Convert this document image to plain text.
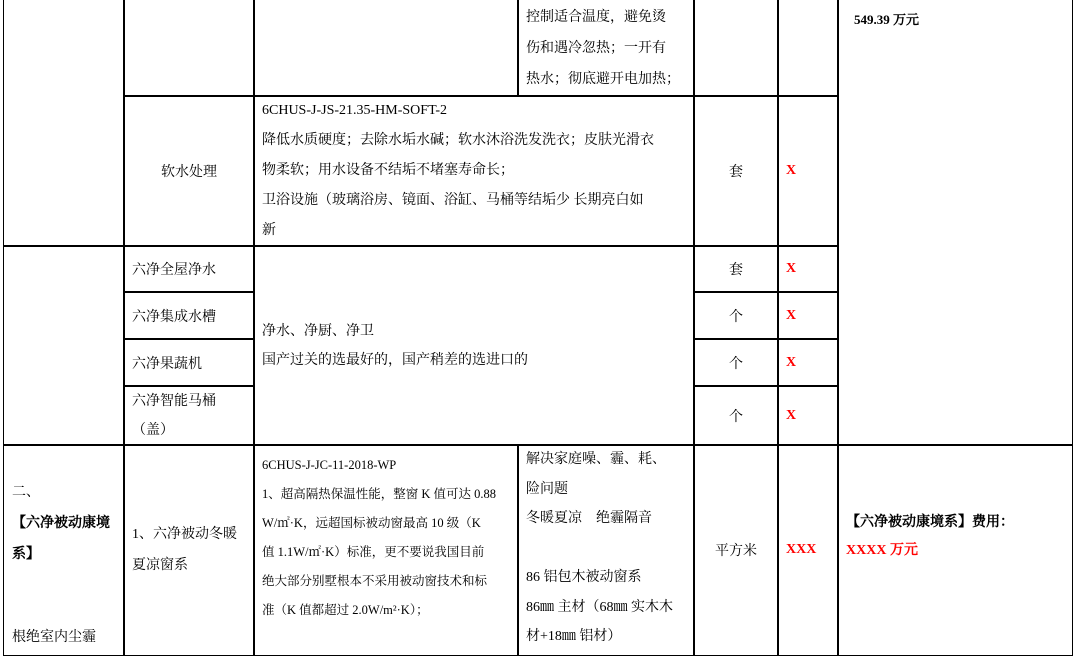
控制适合温度，避免烫

伤和遇冷忽热；一开有

热水；彻底避开电加热；

549.39 万元
软水处理

6CHUS-J-JS-21.35-HM-SOFT-2

降低水质硬度；去除水垢水碱；软水沐浴洗发洗衣；皮肤光滑衣

物柔软；用水设备不结垢不堵塞寿命长；

卫浴设施（玻璃浴房、镜面、浴缸、马桶等结垢少 长期亮白如

新

套	X
六净全屋净水
六净集成水槽
六净果蔬机
六净智能马桶（盖）

净水、净厨、净卫

国产过关的选最好的，国产稍差的选进口的

套
个
个
个
X
X
X
X

二、

【六净被动康境系】

根绝室内尘霾

1、六净被动冬暖夏凉窗系

6CHUS-J-JC-11-2018-WP

1、超高隔热保温性能，整窗 K 值可达 0.88

W/㎡·K，远超国标被动窗最高 10 级（K

值 1.1W/㎡·K）标准，更不要说我国目前

绝大部分别墅根本不采用被动窗技术和标

准（K 值都超过 2.0W/m²·K）；

解决家庭噪、霾、耗、

险问题

冬暖夏凉    绝霾隔音

86 铝包木被动窗系

86㎜ 主材（68㎜ 实木木

材+18㎜ 铝材）

平方米 XXX

【六净被动康境系】费用：

XXXX 万元
